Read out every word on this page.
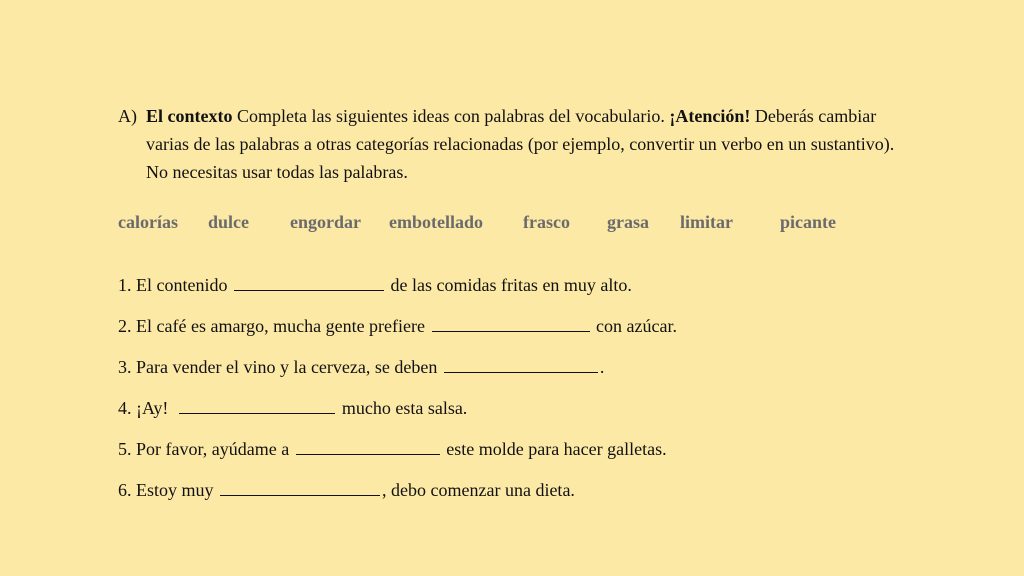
A) El contexto Completa las siguientes ideas con palabras del vocabulario. ¡Atención! Deberás cambiar varias de las palabras a otras categorías relacionadas (por ejemplo, convertir un verbo en un sustantivo). No necesitas usar todas las palabras.
calorías dulce engordar embotellado frasco grasa limitar	picante
1. El contenido	de las comidas fritas en muy alto.
2. El café es amargo, mucha gente prefiere	con azúcar.
3. Para vender el vino y la cerveza, se deben	.
4. ¡Ay!	mucho esta salsa.
5. Por favor, ayúdame a	este molde para hacer galletas.
6. Estoy muy	, debo comenzar una dieta.
